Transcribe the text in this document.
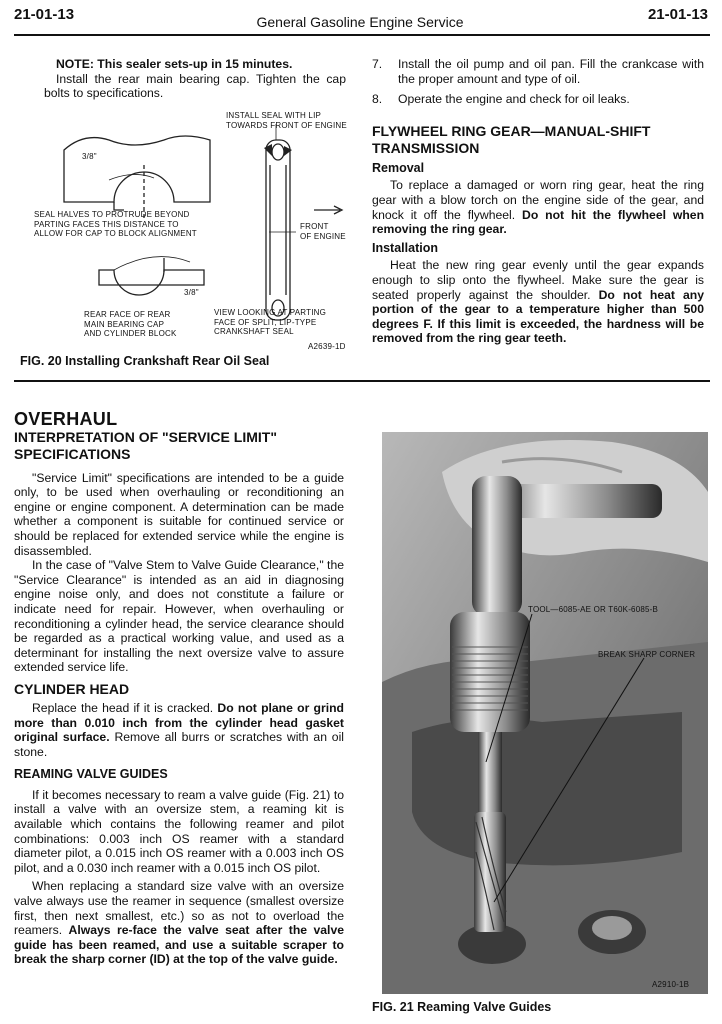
21-01-13	General Gasoline Engine Service	21-01-13

NOTE: This sealer sets-up in 15 minutes.

Install the rear main bearing cap. Tighten the cap bolts to specifications.

INSTALL SEAL WITH LIP
TOWARDS FRONT OF ENGINE
3/8"
SEAL HALVES TO PROTRUDE BEYOND
PARTING FACES THIS DISTANCE TO
ALLOW FOR CAP TO BLOCK ALIGNMENT
FRONT
OF ENGINE
3/8"
REAR FACE OF REAR
MAIN BEARING CAP
AND CYLINDER BLOCK
VIEW LOOKING AT PARTING
FACE OF SPLIT, LIP-TYPE
CRANKSHAFT SEAL
A2639-1D
FIG. 20 Installing Crankshaft Rear Oil Seal
7.	Install the oil pump and oil pan. Fill the crankcase with the proper amount and type of oil.
8.	Operate the engine and check for oil leaks.
FLYWHEEL RING GEAR—MANUAL-SHIFT
TRANSMISSION
Removal

To replace a damaged or worn ring gear, heat the ring gear with a blow torch on the engine side of the gear, and knock it off the flywheel. Do not hit the flywheel when removing the ring gear.

Installation

Heat the new ring gear evenly until the gear expands enough to slip onto the flywheel. Make sure the gear is seated properly against the shoulder. Do not heat any portion of the gear to a temperature higher than 500 degrees F. If this limit is exceeded, the hardness will be removed from the ring gear teeth.

OVERHAUL
INTERPRETATION OF "SERVICE LIMIT"
SPECIFICATIONS

"Service Limit" specifications are intended to be a guide only, to be used when overhauling or reconditioning an engine or engine component. A determination can be made whether a component is suitable for continued service or should be replaced for extended service while the engine is disassembled.

In the case of "Valve Stem to Valve Guide Clearance," the "Service Clearance" is intended as an aid in diagnosing engine noise only, and does not constitute a failure or indicate need for repair. However, when overhauling or reconditioning a cylinder head, the service clearance should be regarded as a practical working value, and used as a determinant for installing the next oversize valve to assure extended service life.

CYLINDER HEAD

Replace the head if it is cracked. Do not plane or grind more than 0.010 inch from the cylinder head gasket original surface. Remove all burrs or scratches with an oil stone.

REAMING VALVE GUIDES

If it becomes necessary to ream a valve guide (Fig. 21) to install a valve with an oversize stem, a reaming kit is available which contains the following reamer and pilot combinations: 0.003 inch OS reamer with a standard diameter pilot, a 0.015 inch OS reamer with a 0.003 inch OS pilot, and a 0.030 inch reamer with a 0.015 inch OS pilot.

When replacing a standard size valve with an oversize valve always use the reamer in sequence (smallest oversize first, then next smallest, etc.) so as not to overload the reamers. Always re-face the valve seat after the valve guide has been reamed, and use a suitable scraper to break the sharp corner (ID) at the top of the valve guide.

TOOL—6085-AE OR T60K-6085-B
BREAK SHARP CORNER
A2910-1B
FIG. 21 Reaming Valve Guides
